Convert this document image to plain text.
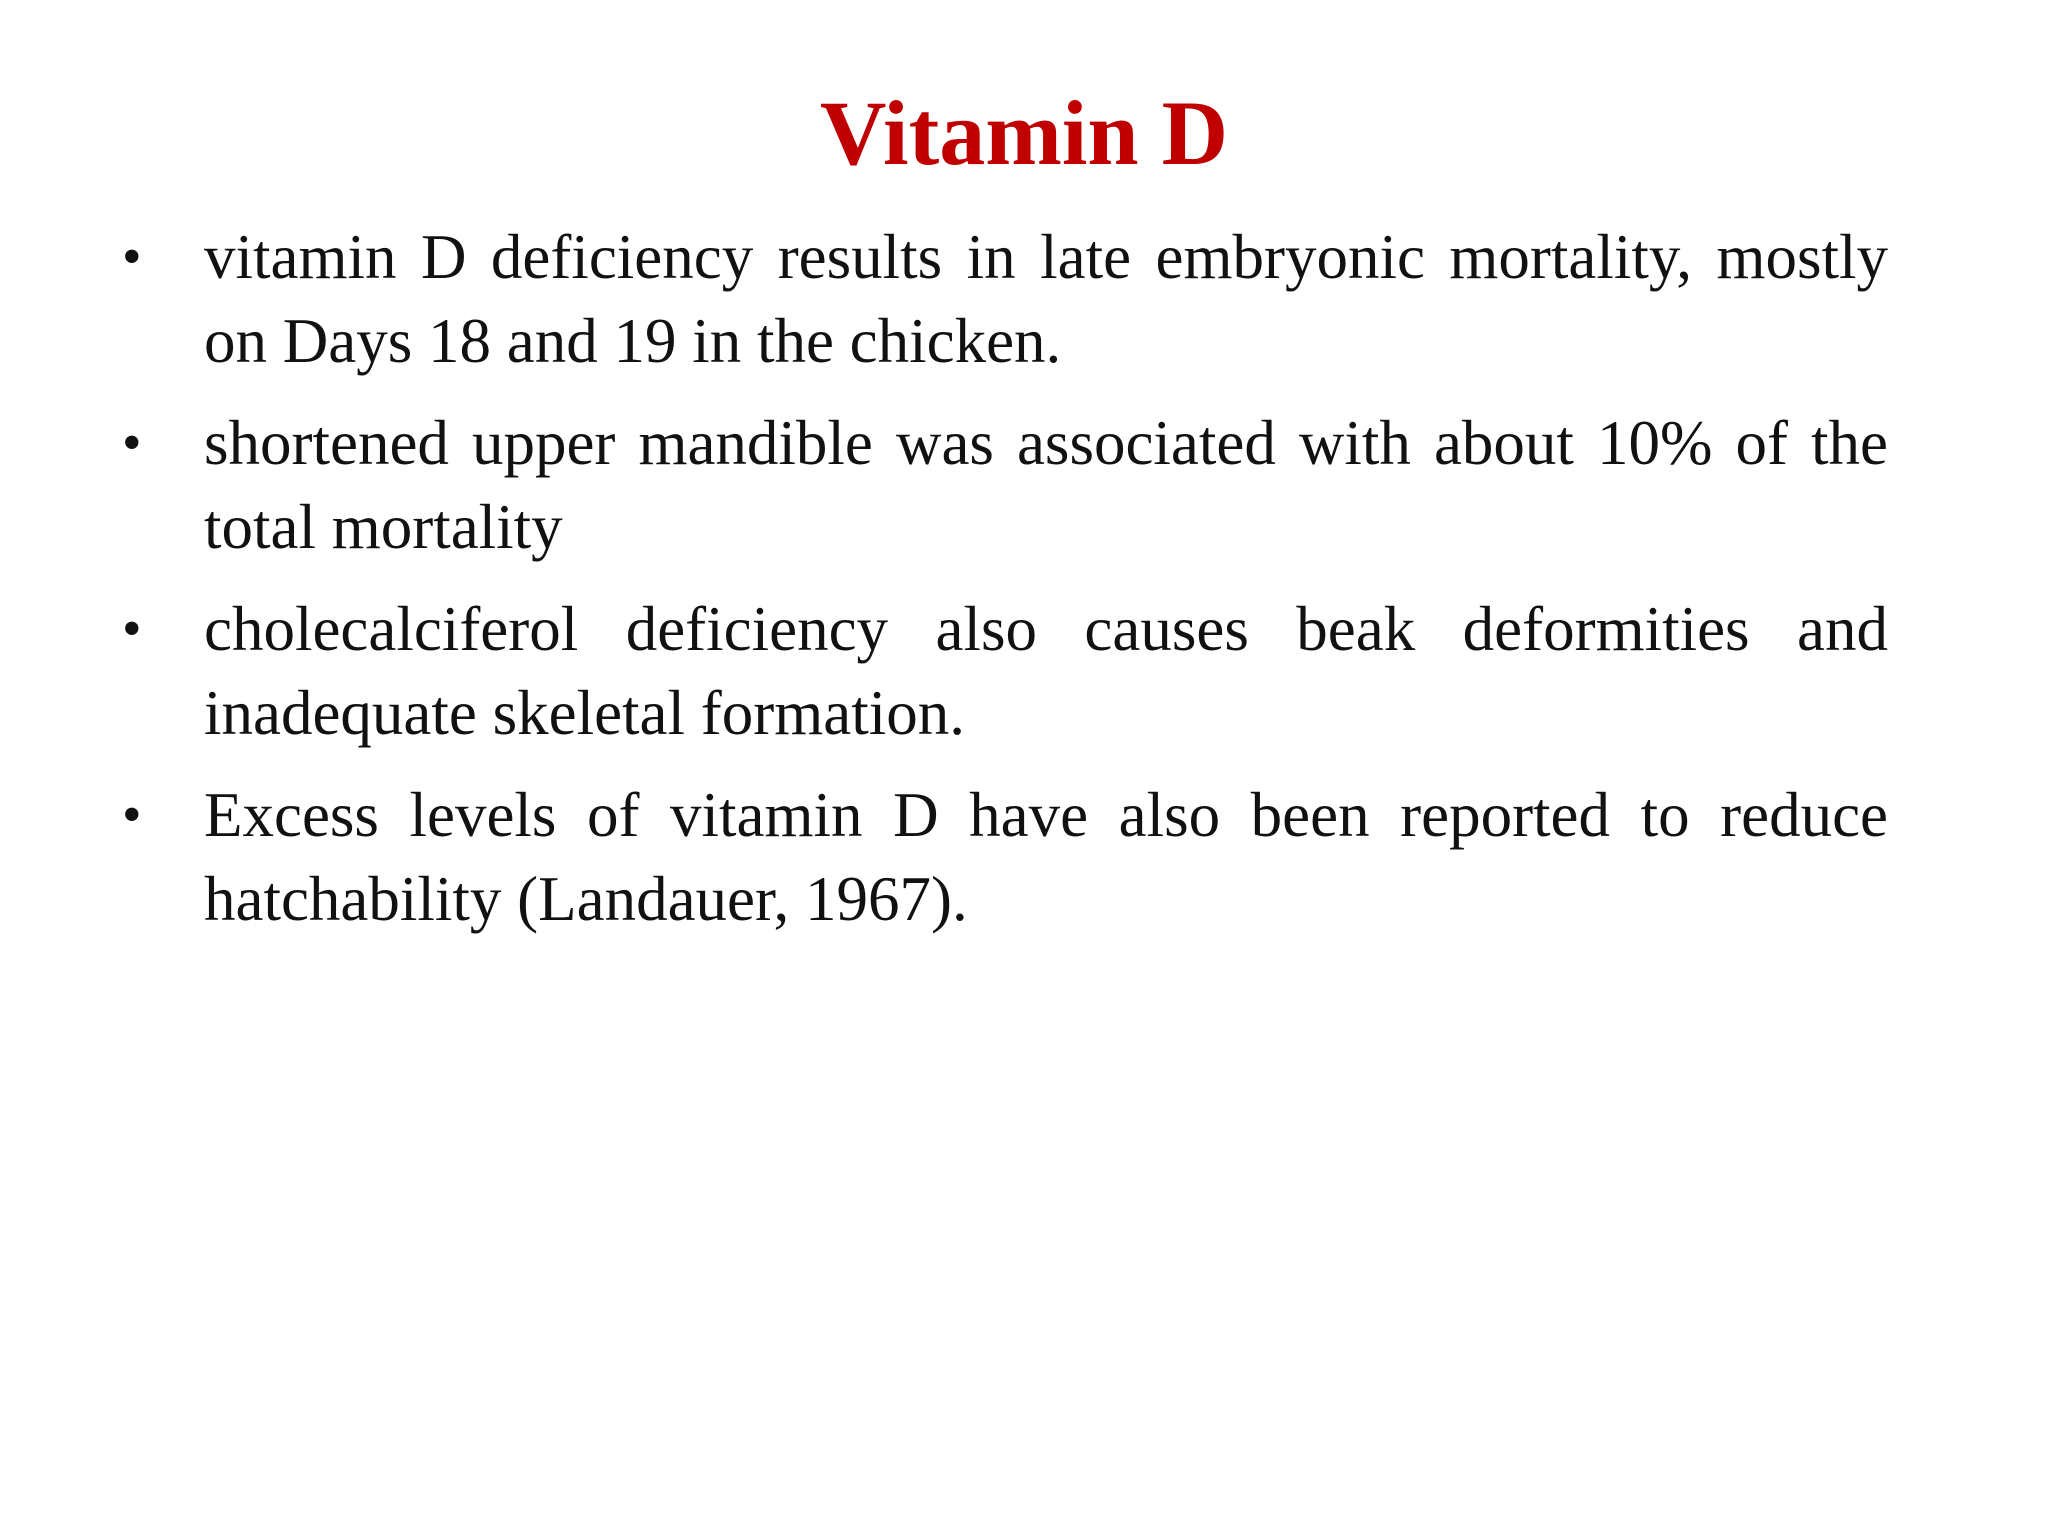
Vitamin D
• vitamin D deficiency results in late embryonic mortality, mostly on Days 18 and 19 in the chicken.
• shortened upper mandible was associated with about 10% of the total mortality
• cholecalciferol deficiency also causes beak deformities and inadequate skeletal formation.
• Excess levels of vitamin D have also been reported to reduce hatchability (Landauer, 1967).
